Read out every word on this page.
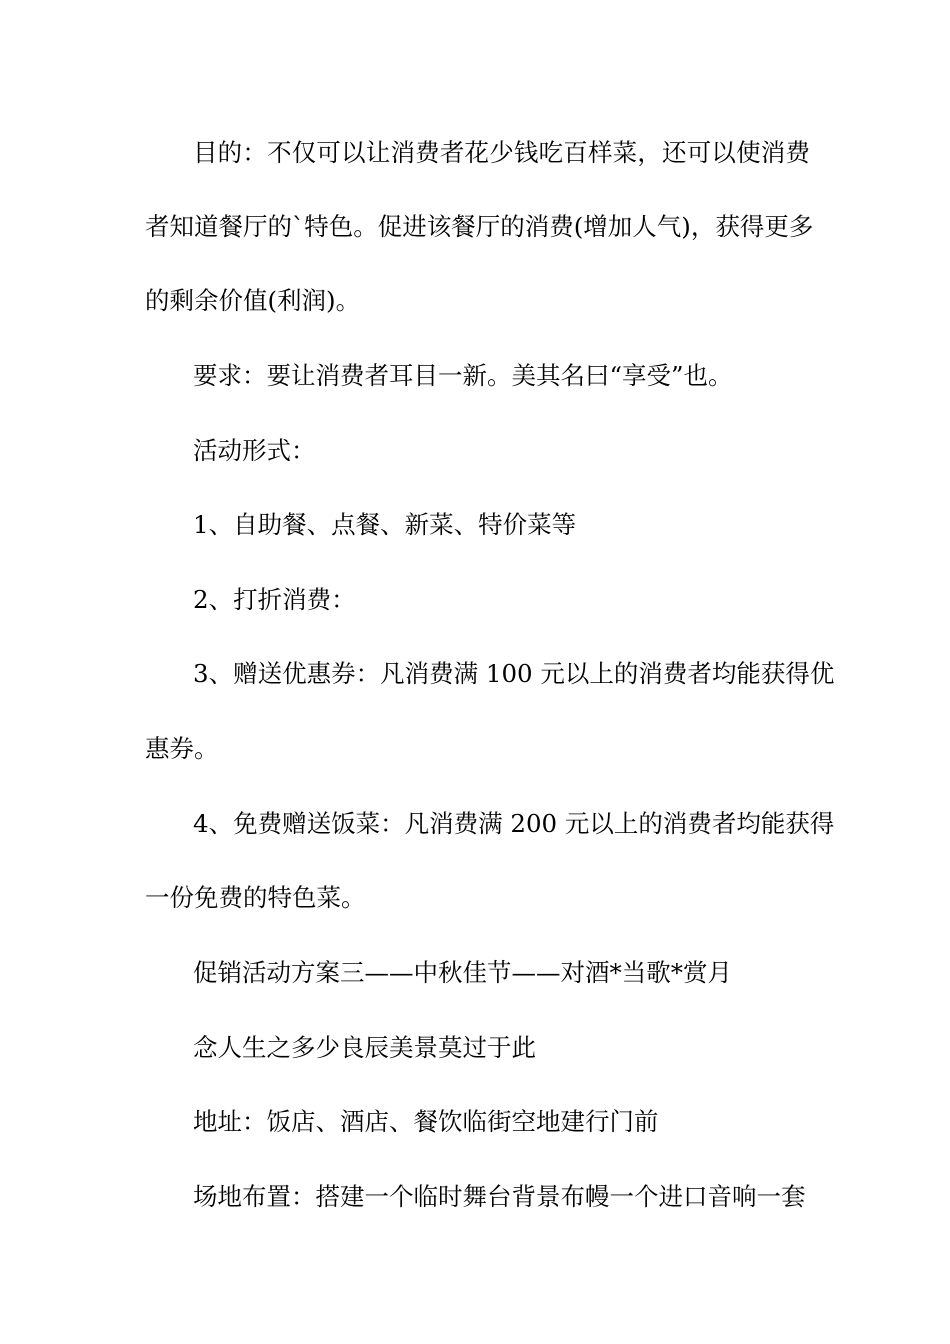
目的：不仅可以让消费者花少钱吃百样菜，还可以使消费
者知道餐厅的`特色。促进该餐厅的消费(增加人气)，获得更多
的剩余价值(利润)。
要求：要让消费者耳目一新。美其名曰“享受”也。
活动形式：
1、自助餐、点餐、新菜、特价菜等
2、打折消费：
3、赠送优惠券：凡消费满 100 元以上的消费者均能获得优
惠券。
4、免费赠送饭菜：凡消费满 200 元以上的消费者均能获得
一份免费的特色菜。
促销活动方案三——中秋佳节——对酒*当歌*赏月
念人生之多少良辰美景莫过于此
地址：饭店、酒店、餐饮临街空地建行门前
场地布置：搭建一个临时舞台背景布幔一个进口音响一套
